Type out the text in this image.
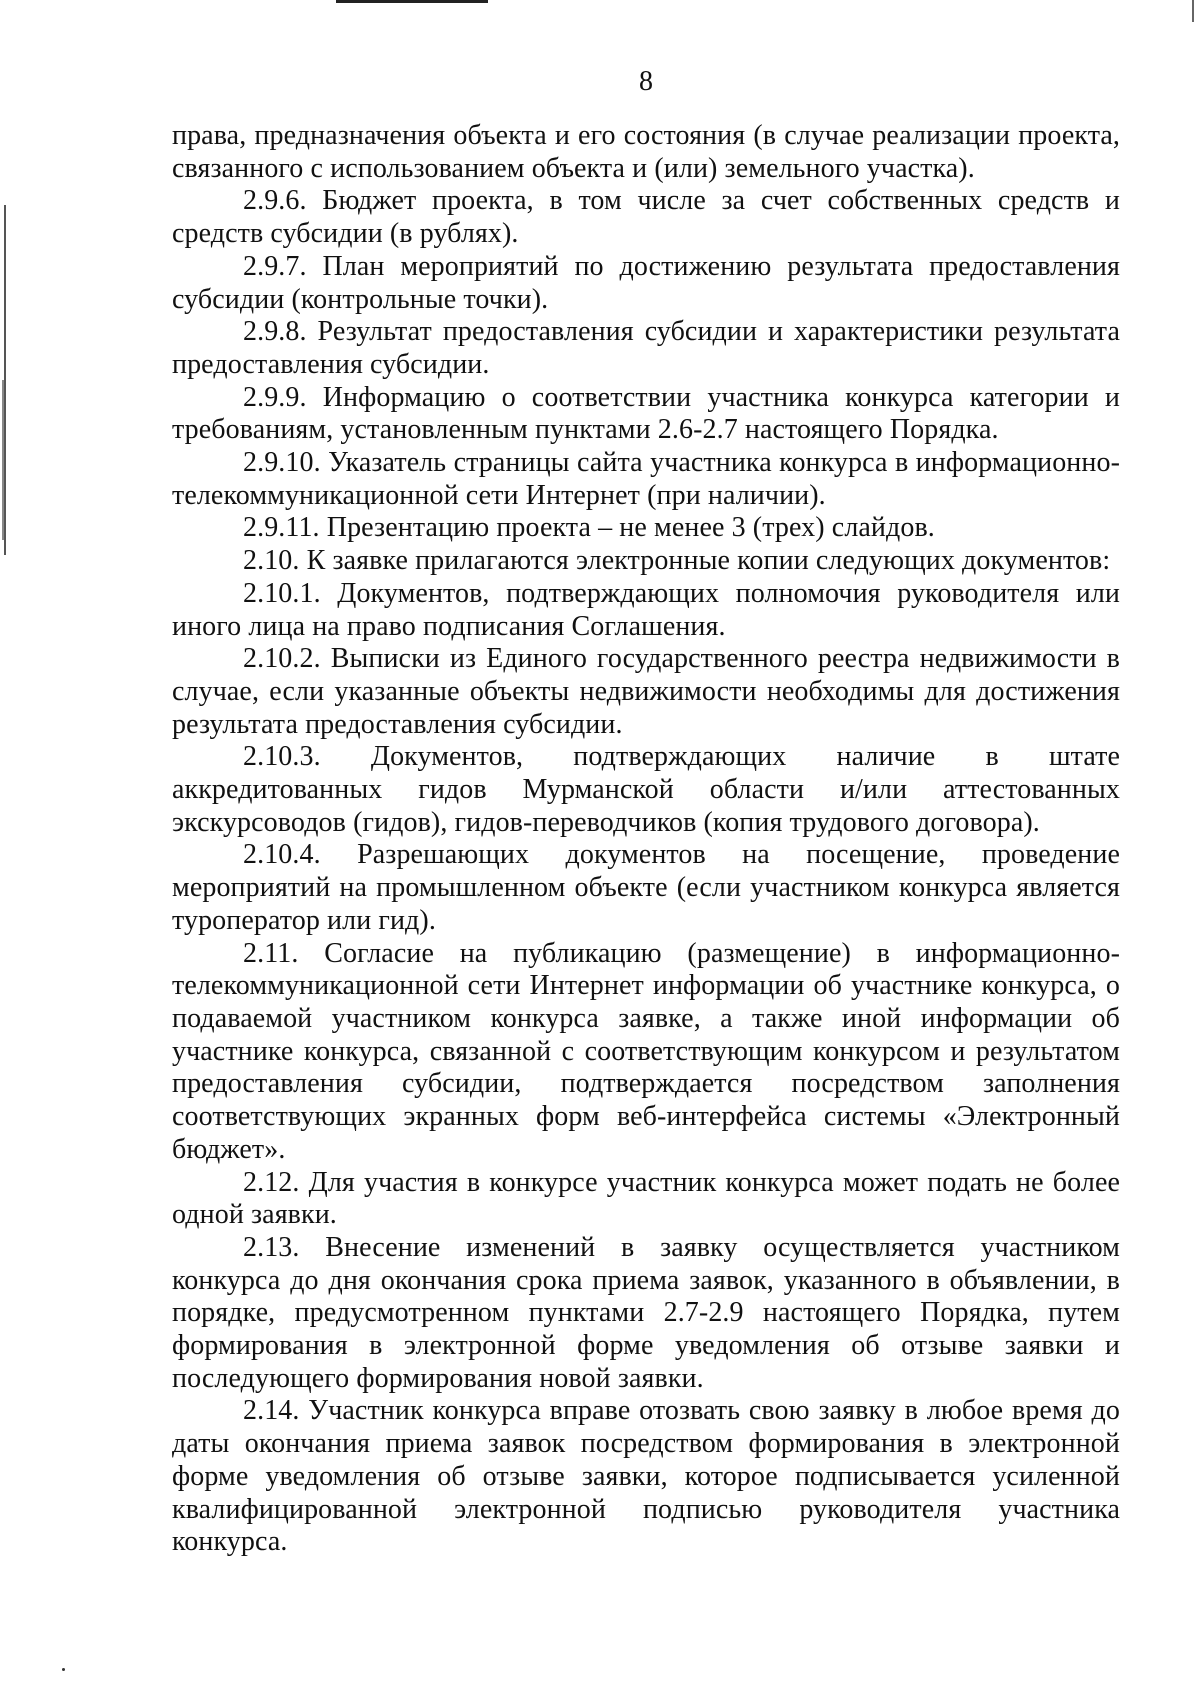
8

права, предназначения объекта и его состояния (в случае реализации проекта, связанного с использованием объекта и (или) земельного участка).

2.9.6. Бюджет проекта, в том числе за счет собственных средств и средств субсидии (в рублях).

2.9.7. План мероприятий по достижению результата предоставления субсидии (контрольные точки).

2.9.8. Результат предоставления субсидии и характеристики результата предоставления субсидии.

2.9.9. Информацию о соответствии участника конкурса категории и требованиям, установленным пунктами 2.6-2.7 настоящего Порядка.

2.9.10. Указатель страницы сайта участника конкурса в информационно-телекоммуникационной сети Интернет (при наличии).

2.9.11. Презентацию проекта – не менее 3 (трех) слайдов.

2.10. К заявке прилагаются электронные копии следующих документов:

2.10.1. Документов, подтверждающих полномочия руководителя или иного лица на право подписания Соглашения.

2.10.2. Выписки из Единого государственного реестра недвижимости в случае, если указанные объекты недвижимости необходимы для достижения результата предоставления субсидии.

2.10.3. Документов, подтверждающих наличие в штате аккредитованных гидов Мурманской области и/или аттестованных экскурсоводов (гидов), гидов-переводчиков (копия трудового договора).

2.10.4. Разрешающих документов на посещение, проведение мероприятий на промышленном объекте (если участником конкурса является туроператор или гид).

2.11. Согласие на публикацию (размещение) в информационно-телекоммуникационной сети Интернет информации об участнике конкурса, о подаваемой участником конкурса заявке, а также иной информации об участнике конкурса, связанной с соответствующим конкурсом и результатом предоставления субсидии, подтверждается посредством заполнения соответствующих экранных форм веб-интерфейса системы «Электронный бюджет».

2.12. Для участия в конкурсе участник конкурса может подать не более одной заявки.

2.13. Внесение изменений в заявку осуществляется участником конкурса до дня окончания срока приема заявок, указанного в объявлении, в порядке, предусмотренном пунктами 2.7-2.9 настоящего Порядка, путем формирования в электронной форме уведомления об отзыве заявки и последующего формирования новой заявки.

2.14. Участник конкурса вправе отозвать свою заявку в любое время до даты окончания приема заявок посредством формирования в электронной форме уведомления об отзыве заявки, которое подписывается усиленной квалифицированной электронной подписью руководителя участника конкурса.
